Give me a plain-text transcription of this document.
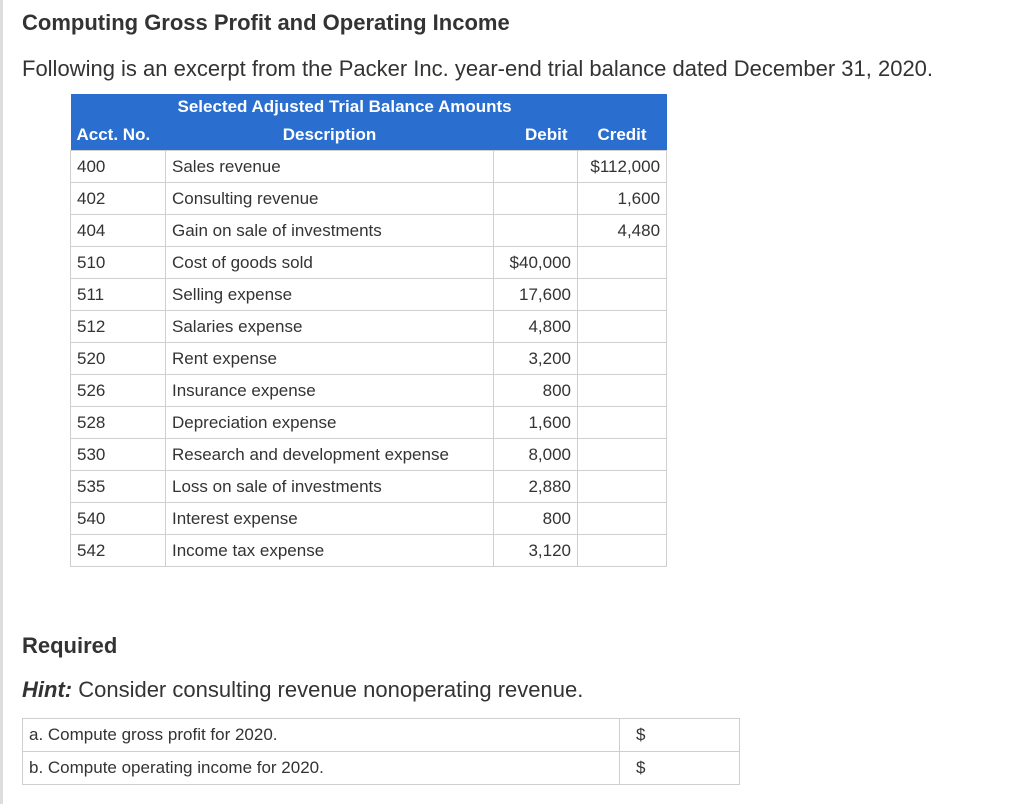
Computing Gross Profit and Operating Income
Following is an excerpt from the Packer Inc. year-end trial balance dated December 31, 2020.
Selected Adjusted Trial Balance Amounts			

Acct. No.	Description	Debit	Credit
400	Sales revenue		$112,000
402	Consulting revenue		1,600
404	Gain on sale of investments		4,480
510	Cost of goods sold	$40,000	
511	Selling expense	17,600	
512	Salaries expense	4,800	
520	Rent expense	3,200	
526	Insurance expense	800	
528	Depreciation expense	1,600	
530	Research and development expense	8,000	
535	Loss on sale of investments	2,880	
540	Interest expense	800	
542	Income tax expense	3,120	
Required
Hint: Consider consulting revenue nonoperating revenue.
a. Compute gross profit for 2020.	$
b. Compute operating income for 2020.	$
